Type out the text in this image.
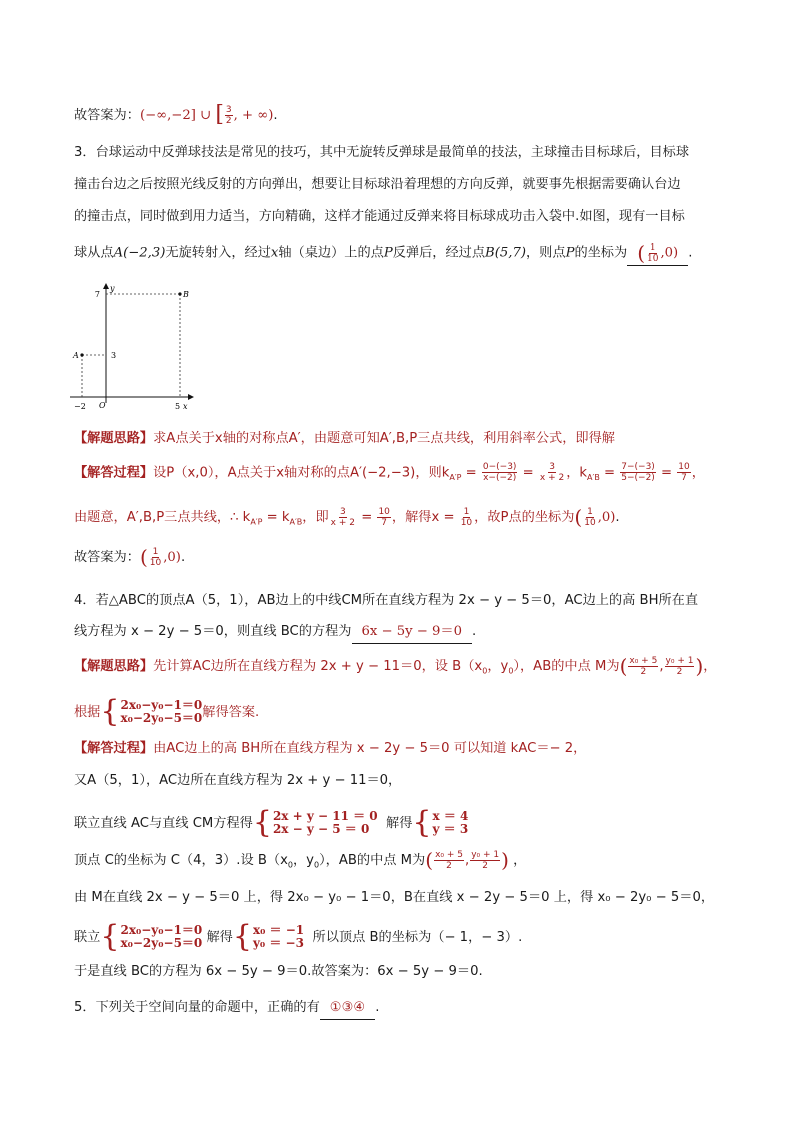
故答案为：(−∞,−2] ∪ [ $\frac{3}{2}$ , + ∞).
3．台球运动中反弹球技法是常见的技巧，其中无旋转反弹球是最简单的技法，主球撞击目标球后，目标球
撞击台边之后按照光线反射的方向弹出，想要让目标球沿着理想的方向反弹，就要事先根据需要确认台边
的撞击点，同时做到用力适当，方向精确，这样才能通过反弹来将目标球成功击入袋中.如图，现有一目标
球从点A(−2,3)无旋转射入，经过x轴（桌边）上的点P反弹后，经过点B(5,7)，则点P的坐标为 ( $\frac{1}{10} ,0$) .
y
7
3
A
B
O
−2	5 x
【解题思路】求A点关于x轴的对称点A′，由题意可知A′,B,P三点共线，利用斜率公式，即得解
【解答过程】设P（x,0），A点关于x轴对称的点A′(−2,−3)，则$k_{A'P} = \frac{0-(-3)}{x-(-2)} = \frac{3}{x + 2}$ ，$k_{A'B} = \frac{7-(-3)}{5-(-2)} = \frac{10}{7}$ ，
由题意，A′,B,P三点共线，∴ $k_{A'P} = k_{A'B}$，即 $\frac{3}{x + 2} = \frac{10}{7}$ ，解得$x = \frac{1}{10}$ ，故P点的坐标为( $\frac{1}{10} ,0$).
故答案为：( $\frac{1}{10} ,0$).
4．若△ABC的顶点A（5，1），AB边上的中线CM所在直线方程为 2x − y − 5＝0，AC边上的高 BH所在直
线方程为 x − 2y − 5＝0，则直线 BC的方程为 6x − 5y − 9＝0 .
【解题思路】先计算AC边所在直线方程为 2x + y − 11＝0，设 $B(x_0$，$y_0$），AB的中点 M为( $\frac{\text{x₀ + 5}}{2}$ , $\frac{\text{y₀ + 1}}{2}$ )，
根据 { 2x₀−y₀−1＝0
x₀−2y₀−5＝0 解得答案.
【解答过程】由AC边上的高 BH所在直线方程为 x − 2y − 5＝0 可以知道 kAC＝− 2，
又A（5，1），AC边所在直线方程为 2x + y − 11＝0，
联立直线 AC与直线 CM方程得 { 2x + y − 11 ＝ 0
2x − y − 5 ＝ 0	解得 { x ＝ 4
y ＝ 3
顶点 C的坐标为 C（4，3）.设 $B(x_0$，$y_0$），AB的中点 M为( $\frac{\text{x₀ + 5}}{2}$ , $\frac{\text{y₀ + 1}}{2}$ ) ，
由 M在直线 2x − y − 5＝0 上，得 2x₀ − y₀ − 1＝0，B在直线 x − 2y − 5＝0 上，得 x₀ − 2y₀ − 5＝0，
联立 { 2x₀−y₀−1＝0
x₀−2y₀−5＝0 解得 { x₀ ＝ −1
y₀ ＝ −3 所以顶点 B的坐标为（− 1，− 3）.
于是直线 BC的方程为 6x − 5y − 9＝0.故答案为：6x − 5y − 9＝0.
5．下列关于空间向量的命题中，正确的有 ①③④ .
